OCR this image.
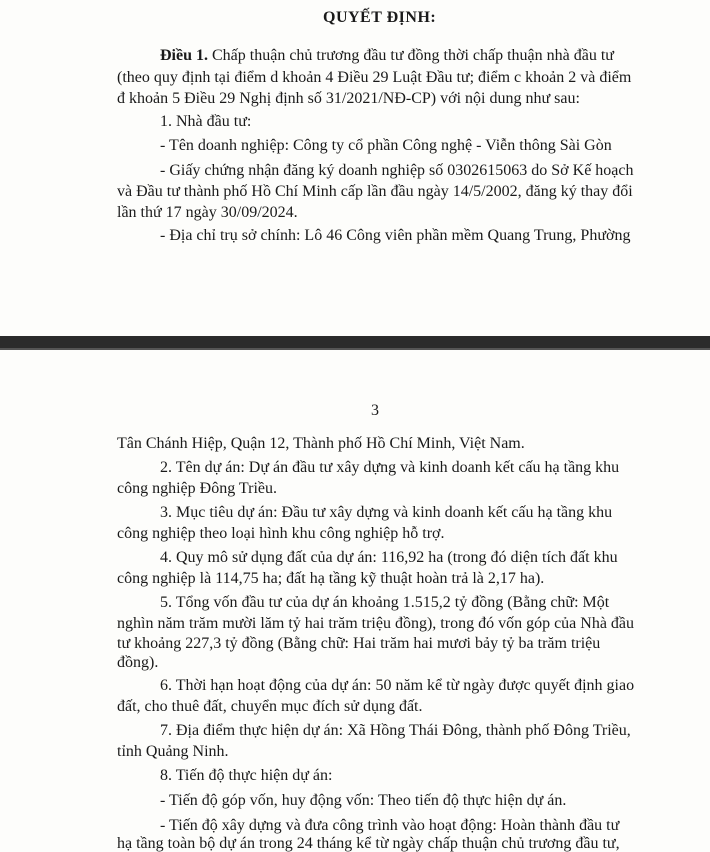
QUYẾT ĐỊNH:
Điều 1. Chấp thuận chủ trương đầu tư đồng thời chấp thuận nhà đầu tư
(theo quy định tại điểm d khoản 4 Điều 29 Luật Đầu tư; điểm c khoản 2 và điểm
đ khoản 5 Điều 29 Nghị định số 31/2021/NĐ-CP) với nội dung như sau:
1. Nhà đầu tư:
- Tên doanh nghiệp: Công ty cổ phần Công nghệ - Viễn thông Sài Gòn
- Giấy chứng nhận đăng ký doanh nghiệp số 0302615063 do Sở Kế hoạch
và Đầu tư thành phố Hồ Chí Minh cấp lần đầu ngày 14/5/2002, đăng ký thay đổi
lần thứ 17 ngày 30/09/2024.
- Địa chỉ trụ sở chính: Lô 46 Công viên phần mềm Quang Trung, Phường
3
Tân Chánh Hiệp, Quận 12, Thành phố Hồ Chí Minh, Việt Nam.
2. Tên dự án: Dự án đầu tư xây dựng và kinh doanh kết cấu hạ tầng khu
công nghiệp Đông Triều.
3. Mục tiêu dự án: Đầu tư xây dựng và kinh doanh kết cấu hạ tầng khu
công nghiệp theo loại hình khu công nghiệp hỗ trợ.
4. Quy mô sử dụng đất của dự án: 116,92 ha (trong đó diện tích đất khu
công nghiệp là 114,75 ha; đất hạ tầng kỹ thuật hoàn trả là 2,17 ha).
5. Tổng vốn đầu tư của dự án khoảng 1.515,2 tỷ đồng (Bằng chữ: Một
nghìn năm trăm mười lăm tỷ hai trăm triệu đồng), trong đó vốn góp của Nhà đầu
tư khoảng 227,3 tỷ đồng (Bằng chữ: Hai trăm hai mươi bảy tỷ ba trăm triệu
đồng).
6. Thời hạn hoạt động của dự án: 50 năm kể từ ngày được quyết định giao
đất, cho thuê đất, chuyển mục đích sử dụng đất.
7. Địa điểm thực hiện dự án: Xã Hồng Thái Đông, thành phố Đông Triều,
tỉnh Quảng Ninh.
8. Tiến độ thực hiện dự án:
- Tiến độ góp vốn, huy động vốn: Theo tiến độ thực hiện dự án.
- Tiến độ xây dựng và đưa công trình vào hoạt động: Hoàn thành đầu tư
hạ tầng toàn bộ dự án trong 24 tháng kể từ ngày chấp thuận chủ trương đầu tư,
